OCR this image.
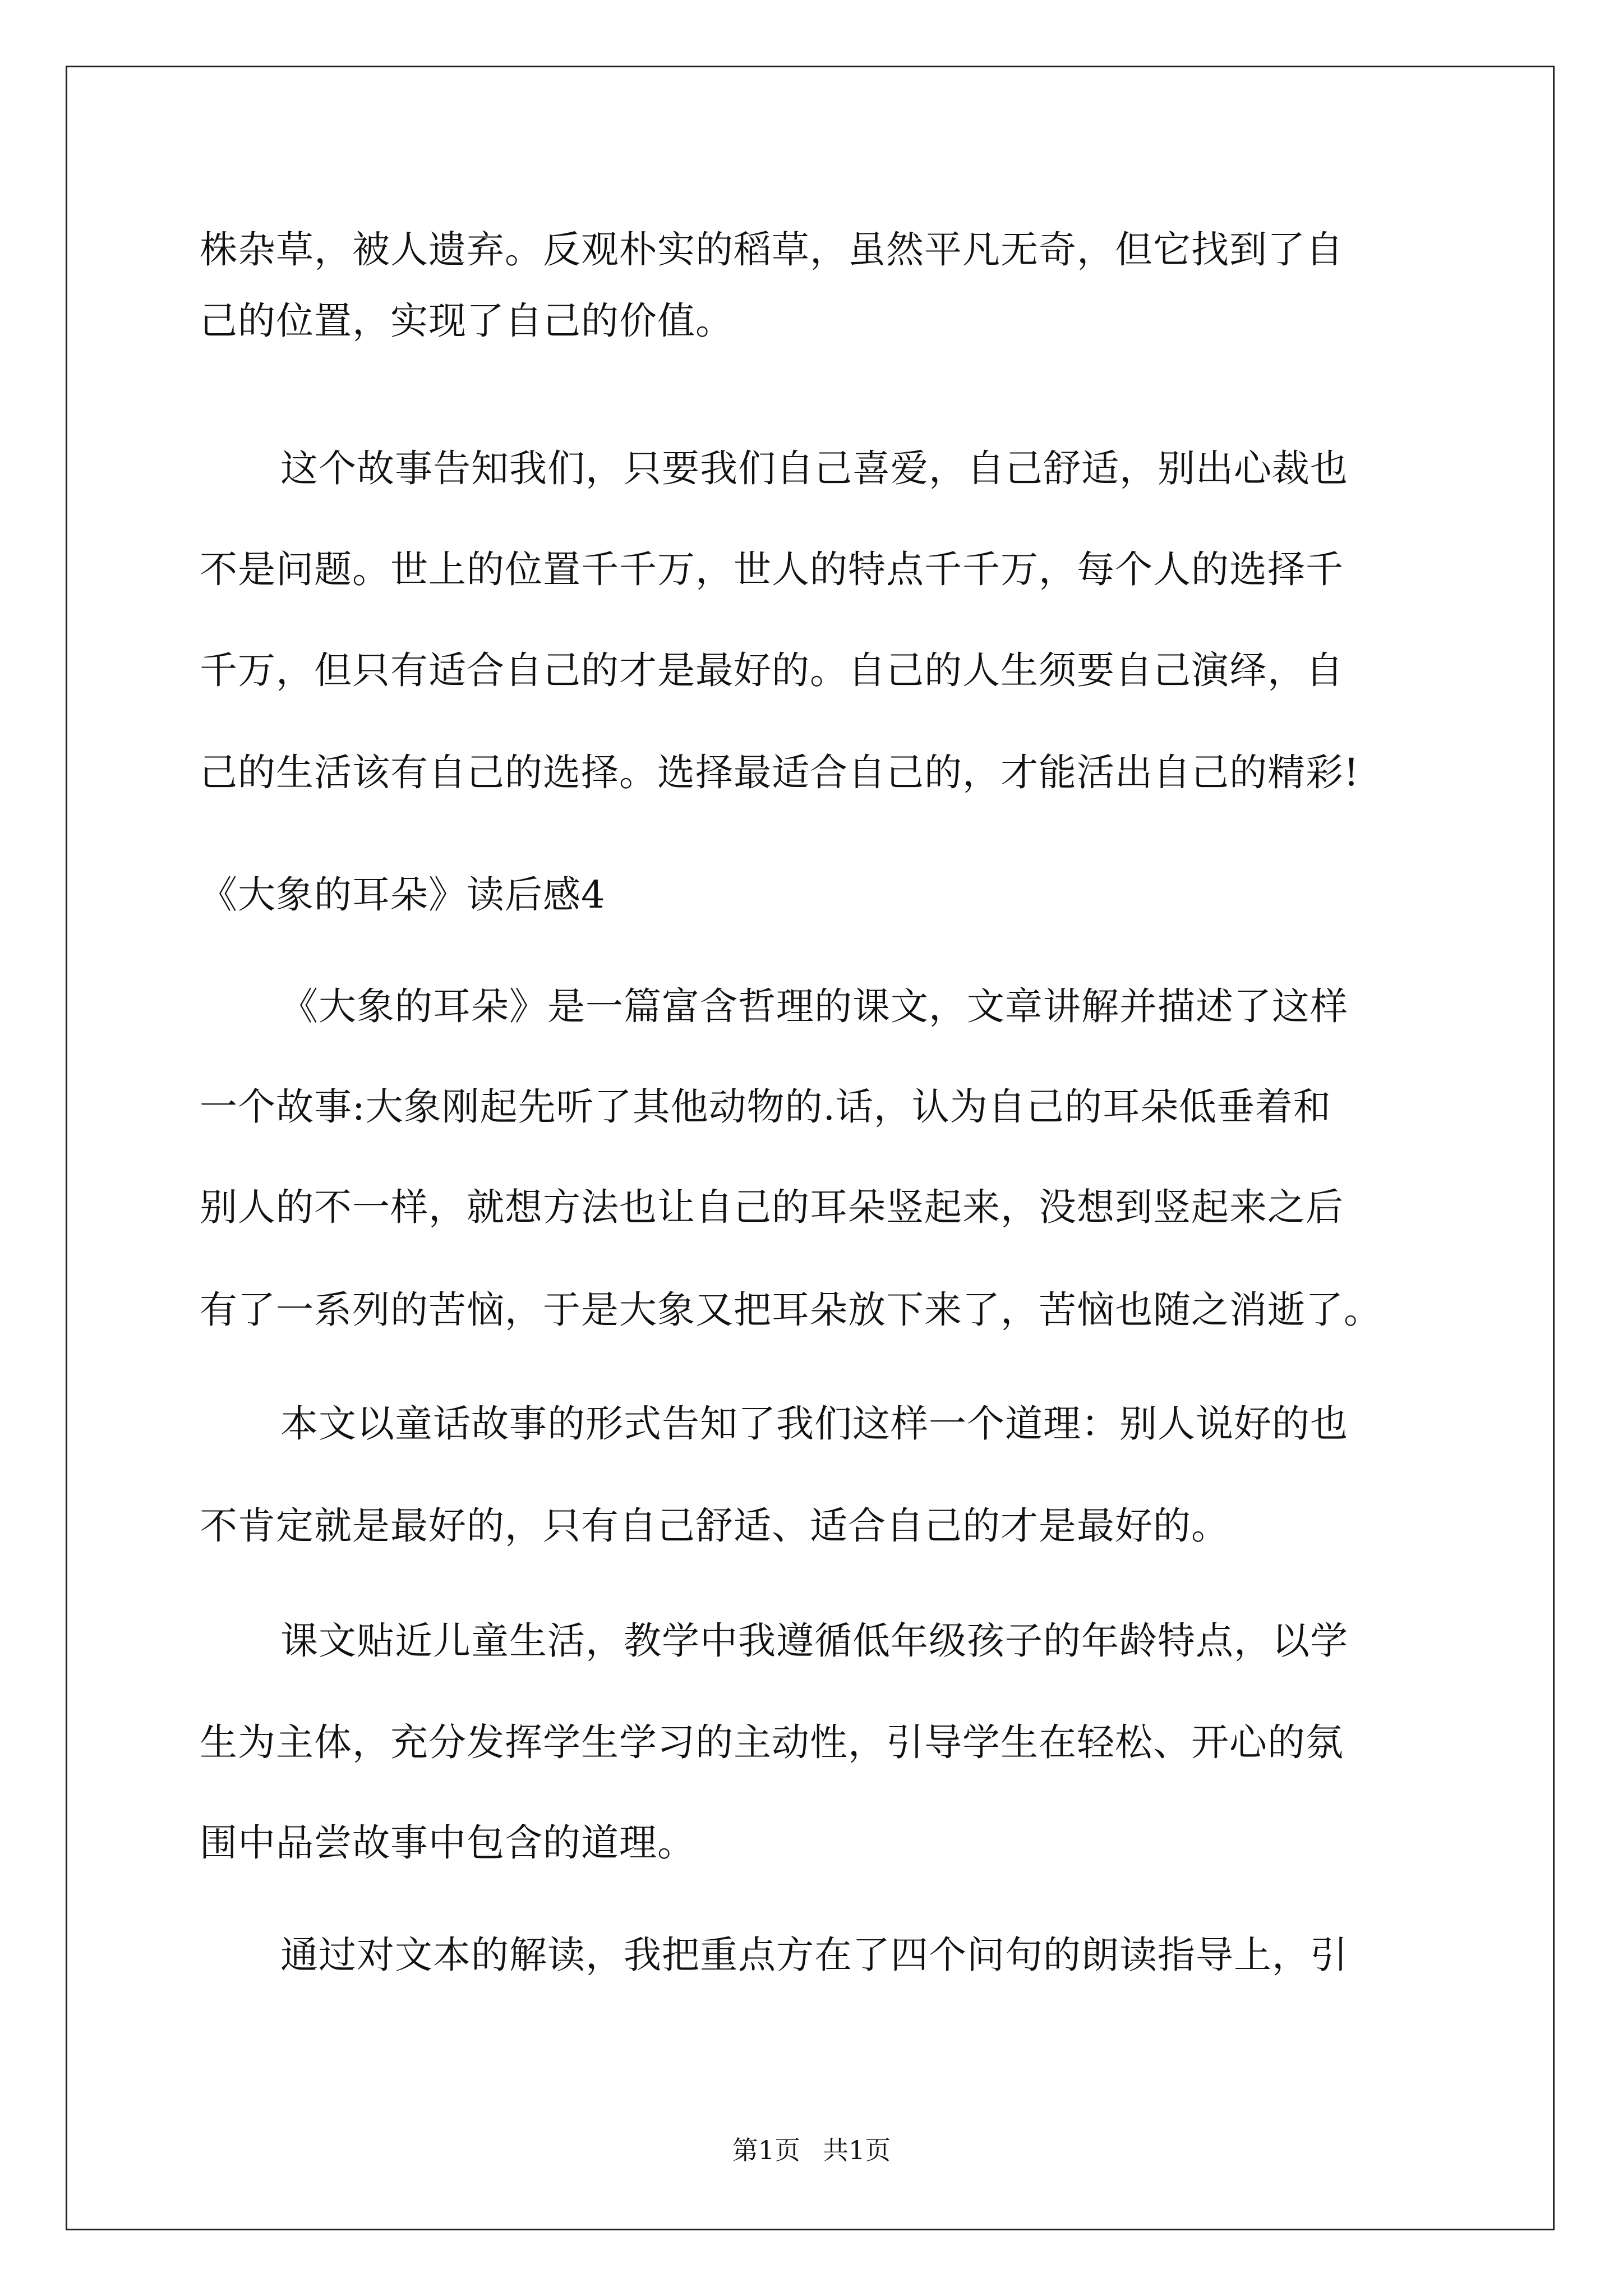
株杂草，被人遗弃。反观朴实的稻草，虽然平凡无奇，但它找到了自
己的位置，实现了自己的价值。
这个故事告知我们，只要我们自己喜爱，自己舒适，别出心裁也
不是问题。世上的位置千千万，世人的特点千千万，每个人的选择千
千万，但只有适合自己的才是最好的。自己的人生须要自己演绎，自
己的生活该有自己的选择。选择最适合自己的，才能活出自己的精彩!
《大象的耳朵》读后感4
《大象的耳朵》是一篇富含哲理的课文，文章讲解并描述了这样
一个故事:大象刚起先听了其他动物的.话，认为自己的耳朵低垂着和
别人的不一样，就想方法也让自己的耳朵竖起来，没想到竖起来之后
有了一系列的苦恼，于是大象又把耳朵放下来了，苦恼也随之消逝了。
本文以童话故事的形式告知了我们这样一个道理：别人说好的也
不肯定就是最好的，只有自己舒适、适合自己的才是最好的。
课文贴近儿童生活，教学中我遵循低年级孩子的年龄特点，以学
生为主体，充分发挥学生学习的主动性，引导学生在轻松、开心的氛
围中品尝故事中包含的道理。
通过对文本的解读，我把重点方在了四个问句的朗读指导上，引
第1页 共1页
